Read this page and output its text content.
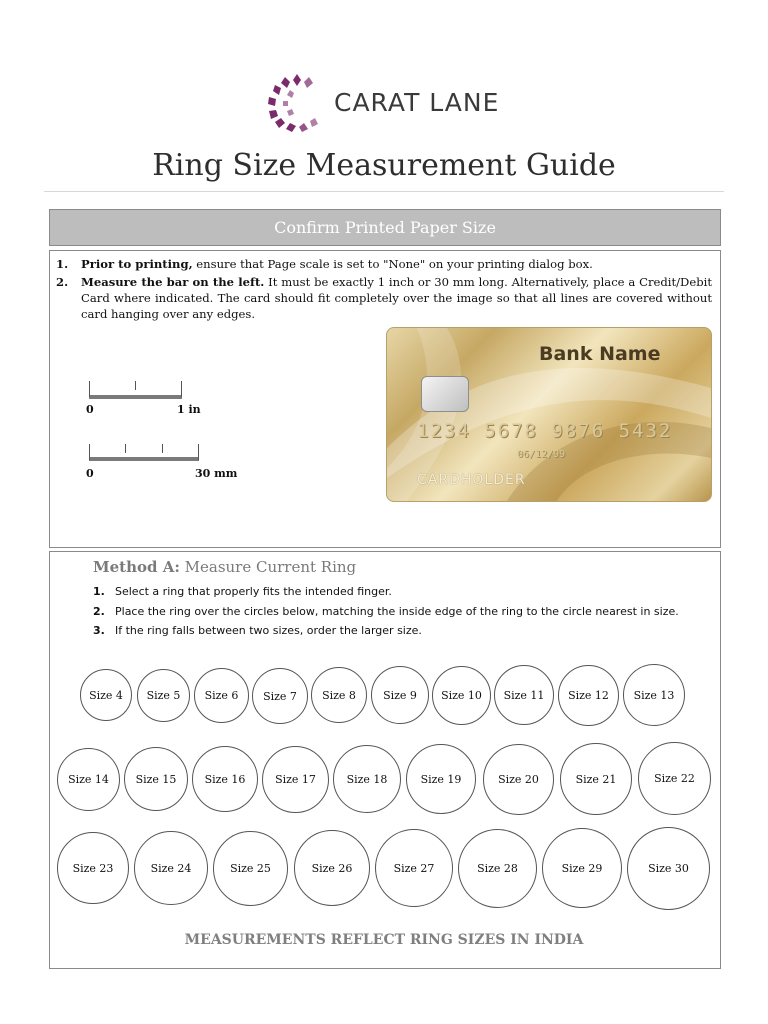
CARAT LANE
Ring Size Measurement Guide
Confirm Printed Paper Size
1.	Prior to printing, ensure that Page scale is set to "None" on your printing dialog box.
2.	Measure the bar on the left. It must be exactly 1 inch or 30 mm long. Alternatively, place a Credit/Debit Card where indicated. The card should fit completely over the image so that all lines are covered without card hanging over any edges.
0	1 in
0	30 mm
Bank Name
1234 5678 9876 5432
06/12/99
CARDHOLDER
Method A: Measure Current Ring
1. Select a ring that properly fits the intended finger.
2. Place the ring over the circles below, matching the inside edge of the ring to the circle nearest in size.
3. If the ring falls between two sizes, order the larger size.
Size 4	Size 5	Size 6	Size 7	Size 8	Size 9	Size 10	Size 11	Size 12	Size 13
Size 14	Size 15	Size 16	Size 17	Size 18	Size 19	Size 20	Size 21	Size 22
Size 23	Size 24	Size 25	Size 26	Size 27	Size 28	Size 29	Size 30
MEASUREMENTS REFLECT RING SIZES IN INDIA
